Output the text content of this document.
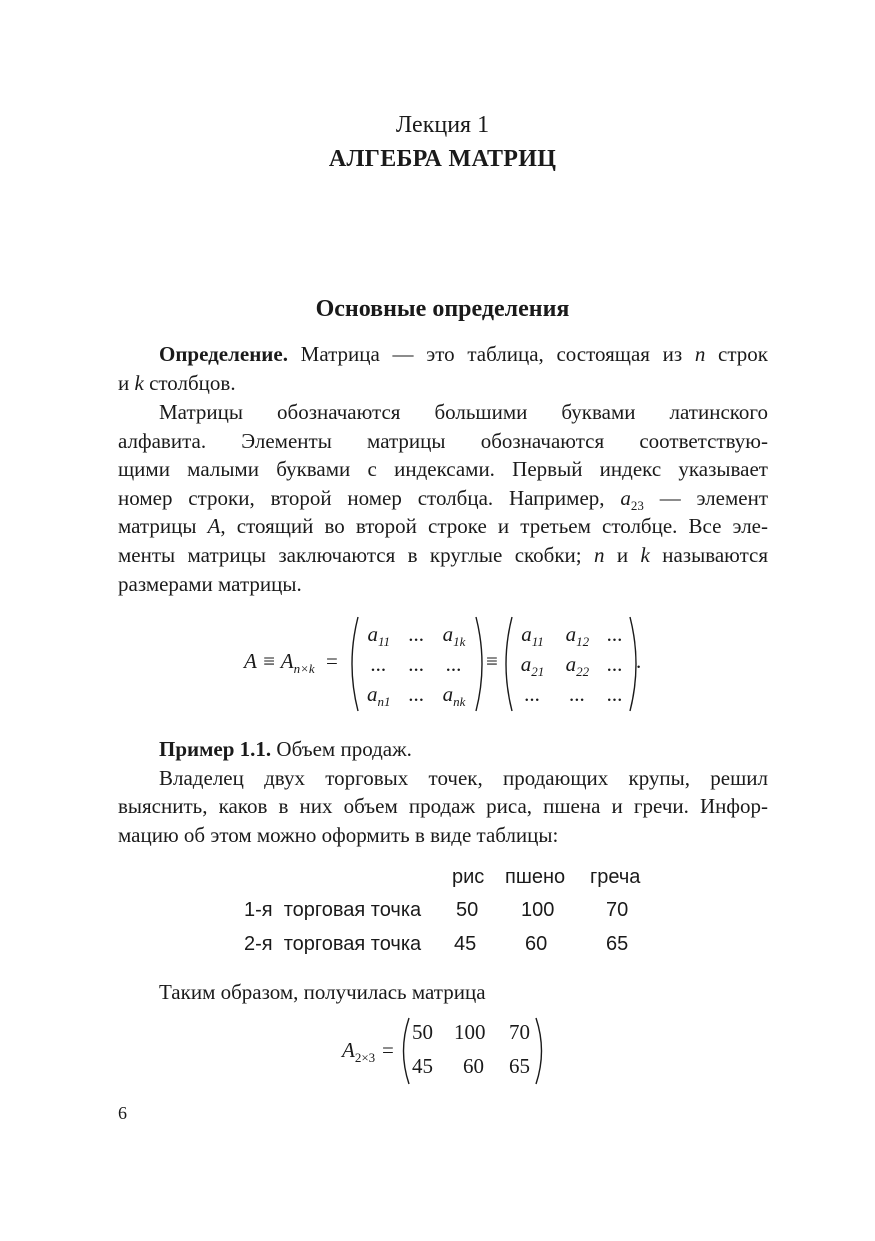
Лекция 1
АЛГЕБРА МАТРИЦ
Основные определения

Определение. Матрица — это таблица, состоящая из n строк

и k столбцов.

Матрицы обозначаются большими буквами латинского

алфавита. Элементы матрицы обозначаются соответствую-

щими малыми буквами с индексами. Первый индекс указывает

номер строки, второй номер столбца. Например, $a_{23}$ — элемент

матрицы A, стоящий во второй строке и третьем столбце. Все эле-

менты матрицы заключаются в круглые скобки; n и k называются

размерами матрицы.

$A \equiv A_{n\times k}$ =
$a_{11}$	...	$a_{1k}$
...	...	...
$a_{n1}$	...	$a_{nk}$
≡
$a_{11}$	$a_{12}$	...
$a_{21}$	$a_{22}$	...
...	...	...
.

Пример 1.1. Объем продаж.

Владелец двух торговых точек, продающих крупы, решил

выяснить, каков в них объем продаж риса, пшена и гречи. Инфор-

мацию об этом можно оформить в виде таблицы:

рис пшено греча
1-я  торговая точка 50 100	70
2-я  торговая точка 45 60	65

Таким образом, получилась матрица

$A_{2\times 3}$ =
50 100 70
45 60 65
6
